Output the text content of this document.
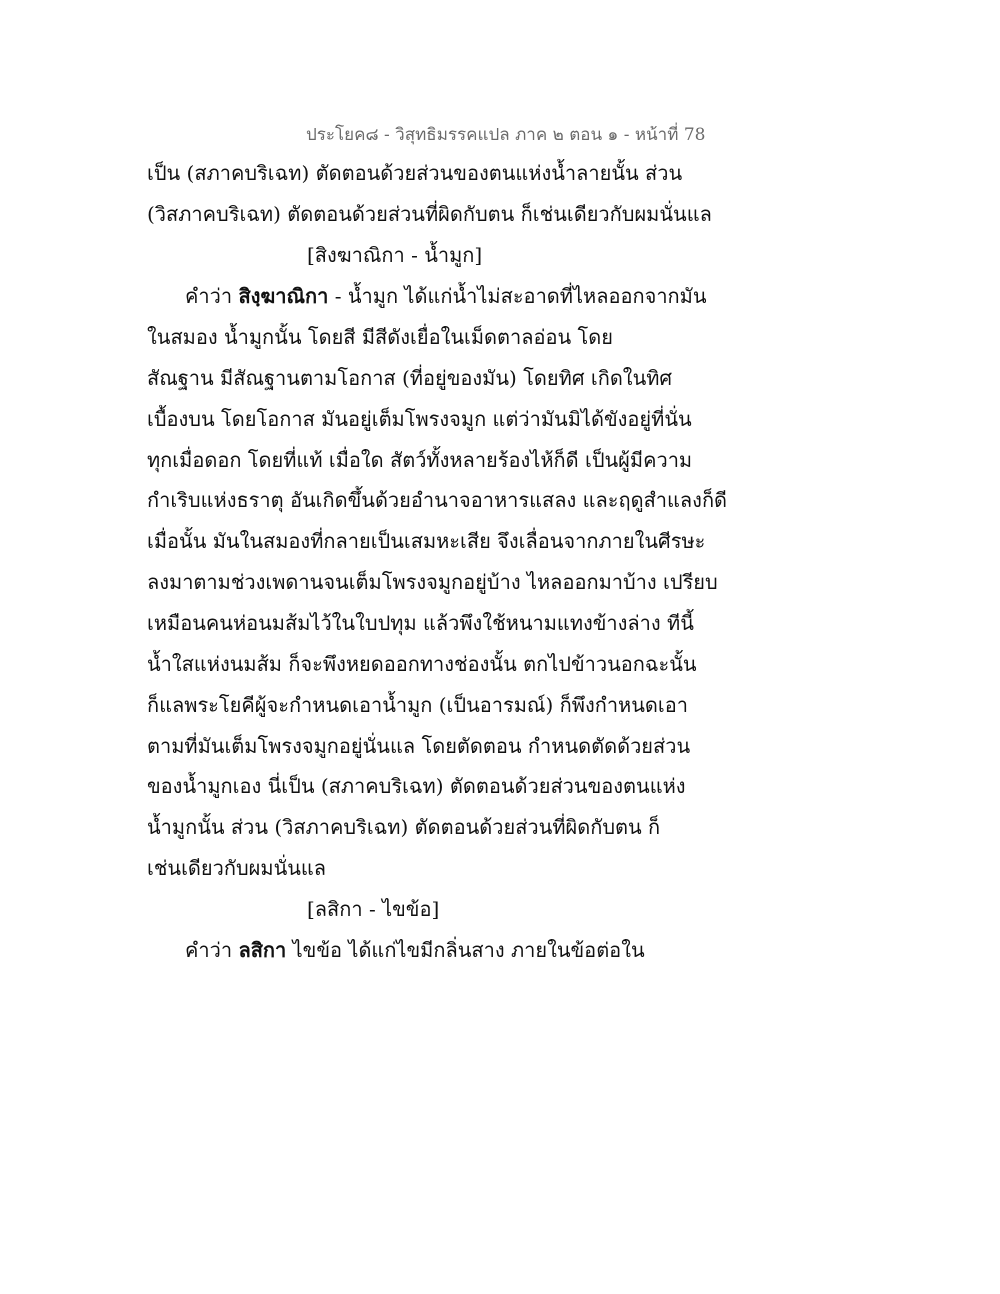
ประโยค๘ - วิสุทธิมรรคแปล ภาค ๒ ตอน ๑ - หน้าที่ 78
เป็น (สภาคบริเฉท) ตัดตอนด้วยส่วนของตนแห่งน้ำลายนั้น ส่วน
(วิสภาคบริเฉท) ตัดตอนด้วยส่วนที่ผิดกับตน ก็เช่นเดียวกับผมนั่นแล
[สิงฆาณิกา - น้ำมูก]
คำว่า สิงฺฆาณิกา - น้ำมูก ได้แก่น้ำไม่สะอาดที่ไหลออกจากมัน
ในสมอง น้ำมูกนั้น โดยสี มีสีดังเยื่อในเม็ดตาลอ่อน โดย
สัณฐาน มีสัณฐานตามโอกาส (ที่อยู่ของมัน) โดยทิศ เกิดในทิศ
เบื้องบน โดยโอกาส มันอยู่เต็มโพรงจมูก แต่ว่ามันมิได้ขังอยู่ที่นั่น
ทุกเมื่อดอก โดยที่แท้ เมื่อใด สัตว์ทั้งหลายร้องไห้ก็ดี เป็นผู้มีความ
กำเริบแห่งธราตุ อันเกิดขึ้นด้วยอำนาจอาหารแสลง และฤดูสำแลงก็ดี
เมื่อนั้น มันในสมองที่กลายเป็นเสมหะเสีย จึงเลื่อนจากภายในศีรษะ
ลงมาตามช่วงเพดานจนเต็มโพรงจมูกอยู่บ้าง ไหลออกมาบ้าง เปรียบ
เหมือนคนห่อนมส้มไว้ในใบปทุม แล้วพึงใช้หนามแทงข้างล่าง ทีนี้
น้ำใสแห่งนมส้ม ก็จะพึงหยดออกทางช่องนั้น ตกไปข้าวนอกฉะนั้น
ก็แลพระโยคีผู้จะกำหนดเอาน้ำมูก (เป็นอารมณ์) ก็พึงกำหนดเอา
ตามที่มันเต็มโพรงจมูกอยู่นั่นแล โดยตัดตอน กำหนดตัดด้วยส่วน
ของน้ำมูกเอง นี่เป็น (สภาคบริเฉท) ตัดตอนด้วยส่วนของตนแห่ง
น้ำมูกนั้น ส่วน (วิสภาคบริเฉท) ตัดตอนด้วยส่วนที่ผิดกับตน ก็
เช่นเดียวกับผมนั่นแล
[ลสิกา - ไขข้อ]
คำว่า ลสิกา ไขข้อ ได้แก่ไขมีกลิ่นสาง ภายในข้อต่อใน
